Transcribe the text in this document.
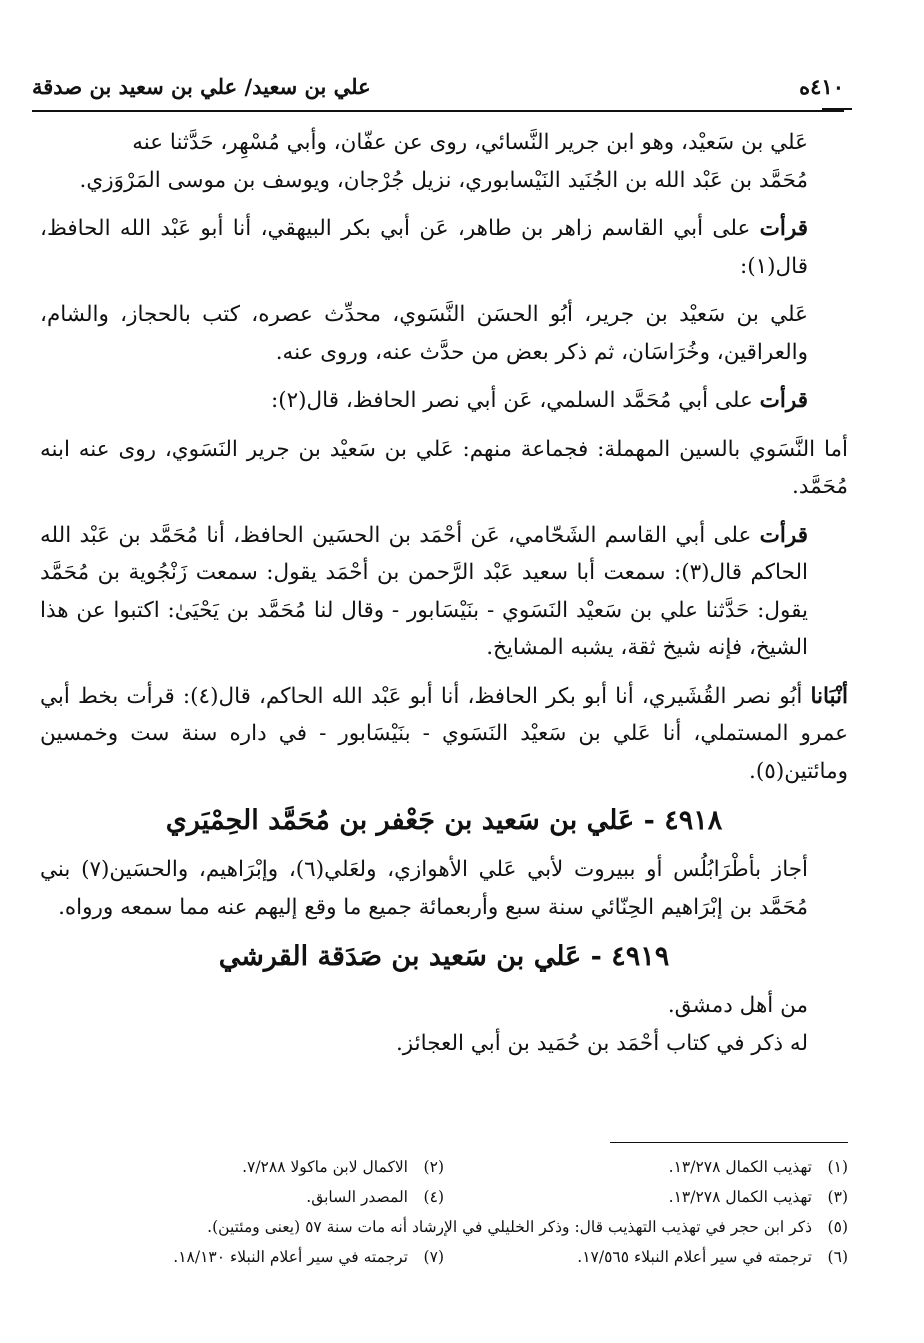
٤١٠ه
علي بن سعيد/ علي بن سعيد بن صدقة

عَلي بن سَعيْد، وهو ابن جرير النَّسائي، روى عن عفّان، وأبي مُسْهِر، حَدَّثنا عنه
مُحَمَّد بن عَبْد الله بن الجُنَيد النَيْسابوري، نزيل جُرْجان، ويوسف بن موسى المَرْوَزي.

قرأت على أبي القاسم زاهر بن طاهر، عَن أبي بكر البيهقي، أنا أبو عَبْد الله الحافظ، قال(١):

عَلي بن سَعيْد بن جرير، أبُو الحسَن النَّسَوي، محدِّث عصره، كتب بالحجاز، والشام، والعراقين، وخُرَاسَان، ثم ذكر بعض من حدَّث عنه، وروى عنه.

قرأت على أبي مُحَمَّد السلمي، عَن أبي نصر الحافظ، قال(٢):

أما النَّسَوي بالسين المهملة: فجماعة منهم: عَلي بن سَعيْد بن جرير النَسَوي، روى عنه ابنه مُحَمَّد.

قرأت على أبي القاسم الشَحّامي، عَن أحْمَد بن الحسَين الحافظ، أنا مُحَمَّد بن عَبْد الله الحاكم قال(٣): سمعت أبا سعيد عَبْد الرَّحمن بن أحْمَد يقول: سمعت زَنْجُوية بن مُحَمَّد يقول: حَدَّثنا علي بن سَعيْد النَسَوي - بنَيْسَابور - وقال لنا مُحَمَّد بن يَحْيَىٰ: اكتبوا عن هذا الشيخ، فإنه شيخ ثقة، يشبه المشايخ.

أنْبَانا أبُو نصر القُشَيري، أنا أبو بكر الحافظ، أنا أبو عَبْد الله الحاكم، قال(٤): قرأت بخط أبي عمرو المستملي، أنا عَلي بن سَعيْد النَسَوي - بنَيْسَابور - في داره سنة ست وخمسين ومائتين(٥).

٤٩١٨ - عَلي بن سَعيد بن جَعْفر بن مُحَمَّد الحِمْيَري

أجاز بأطْرَابُلُس أو ببيروت لأبي عَلي الأهوازي، ولعَلي(٦)، وإبْرَاهيم، والحسَين(٧) بني مُحَمَّد بن إبْرَاهيم الحِنّائي سنة سبع وأربعمائة جميع ما وقع إليهم عنه مما سمعه ورواه.

٤٩١٩ - عَلي بن سَعيد بن صَدَقة القرشي

من أهل دمشق.
له ذكر في كتاب أحْمَد بن حُمَيد بن أبي العجائز.

(١)تهذيب الكمال ١٣/٢٧٨.
(٢)الاكمال لابن ماكولا ٧/٢٨٨.
(٣)تهذيب الكمال ١٣/٢٧٨.
(٤)المصدر السابق.
(٥)ذكر ابن حجر في تهذيب التهذيب قال: وذكر الخليلي في الإرشاد أنه مات سنة ٥٧ (يعنى ومئتين).
(٦)ترجمته في سير أعلام النبلاء ١٧/٥٦٥.
(٧)ترجمته في سير أعلام النبلاء ١٨/١٣٠.
